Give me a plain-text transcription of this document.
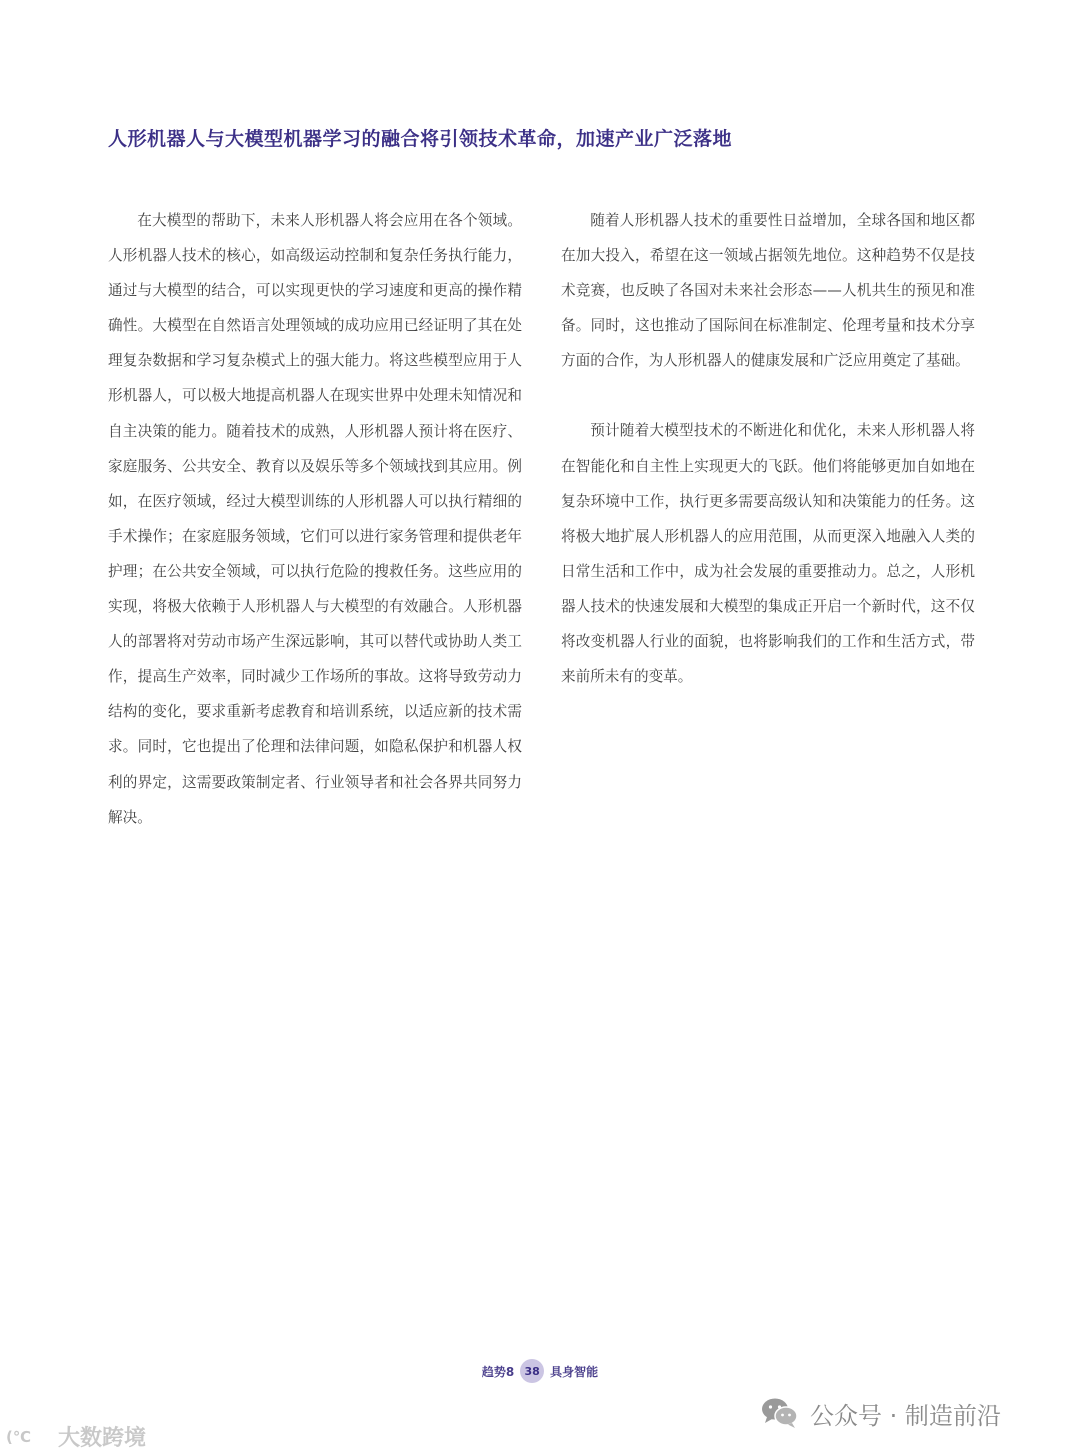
人形机器人与大模型机器学习的融合将引领技术革命，加速产业广泛落地

在大模型的帮助下，未来人形机器人将会应用在各个领域。人形机器人技术的核心，如高级运动控制和复杂任务执行能力，通过与大模型的结合，可以实现更快的学习速度和更高的操作精确性。大模型在自然语言处理领域的成功应用已经证明了其在处理复杂数据和学习复杂模式上的强大能力。将这些模型应用于人形机器人，可以极大地提高机器人在现实世界中处理未知情况和自主决策的能力。随着技术的成熟，人形机器人预计将在医疗、家庭服务、公共安全、教育以及娱乐等多个领域找到其应用。例如，在医疗领域，经过大模型训练的人形机器人可以执行精细的手术操作；在家庭服务领域，它们可以进行家务管理和提供老年护理；在公共安全领域，可以执行危险的搜救任务。这些应用的实现，将极大依赖于人形机器人与大模型的有效融合。人形机器人的部署将对劳动市场产生深远影响，其可以替代或协助人类工作，提高生产效率，同时减少工作场所的事故。这将导致劳动力结构的变化，要求重新考虑教育和培训系统，以适应新的技术需求。同时，它也提出了伦理和法律问题，如隐私保护和机器人权利的界定，这需要政策制定者、行业领导者和社会各界共同努力解决。

随着人形机器人技术的重要性日益增加，全球各国和地区都在加大投入，希望在这一领域占据领先地位。这种趋势不仅是技术竞赛，也反映了各国对未来社会形态——人机共生的预见和准备。同时，这也推动了国际间在标准制定、伦理考量和技术分享方面的合作，为人形机器人的健康发展和广泛应用奠定了基础。

预计随着大模型技术的不断进化和优化，未来人形机器人将在智能化和自主性上实现更大的飞跃。他们将能够更加自如地在复杂环境中工作，执行更多需要高级认知和决策能力的任务。这将极大地扩展人形机器人的应用范围，从而更深入地融入人类的日常生活和工作中，成为社会发展的重要推动力。总之，人形机器人技术的快速发展和大模型的集成正开启一个新时代，这不仅将改变机器人行业的面貌，也将影响我们的工作和生活方式，带来前所未有的变革。

趋势8 38 具身智能
公众号 · 制造前沿
(℃ 大数跨境
